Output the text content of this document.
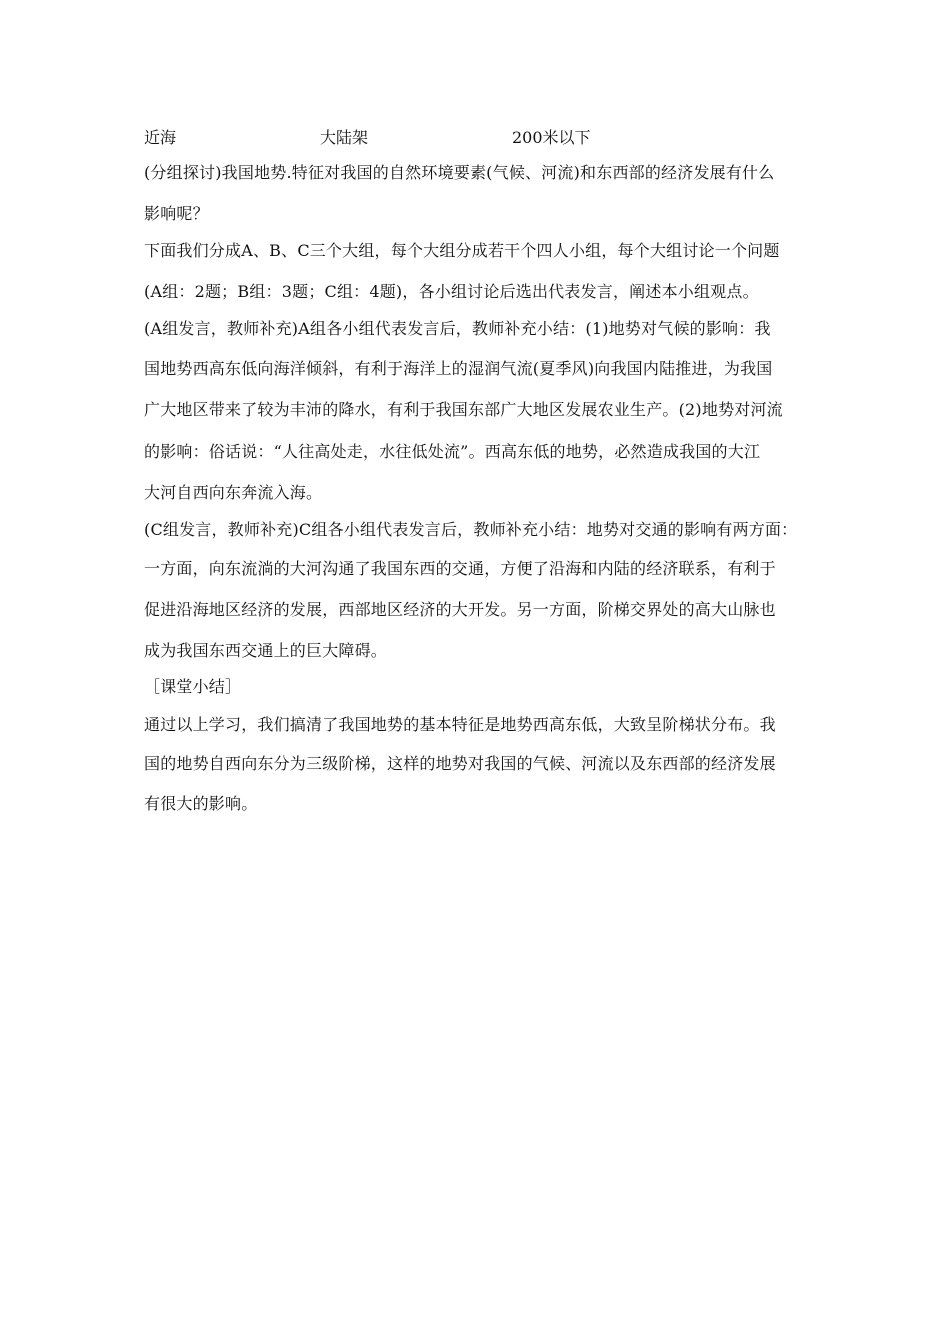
近海	大陆架	200米以下
(分组探讨)我国地势.特征对我国的自然环境要素(气候、河流)和东西部的经济发展有什么
影响呢？
下面我们分成A、B、C三个大组，每个大组分成若干个四人小组，每个大组讨论一个问题
(A组：2题；B组：3题；C组：4题)，各小组讨论后选出代表发言，阐述本小组观点。
(A组发言，教师补充)A组各小组代表发言后，教师补充小结：(1)地势对气候的影响：我
国地势西高东低向海洋倾斜，有利于海洋上的湿润气流(夏季风)向我国内陆推进，为我国
广大地区带来了较为丰沛的降水，有利于我国东部广大地区发展农业生产。(2)地势对河流
的影响：俗话说：“人往高处走，水往低处流”。西高东低的地势，必然造成我国的大江
大河自西向东奔流入海。
(C组发言，教师补充)C组各小组代表发言后，教师补充小结：地势对交通的影响有两方面：
一方面，向东流淌的大河沟通了我国东西的交通，方便了沿海和内陆的经济联系，有利于
促进沿海地区经济的发展，西部地区经济的大开发。另一方面，阶梯交界处的高大山脉也
成为我国东西交通上的巨大障碍。
［课堂小结］
通过以上学习，我们搞清了我国地势的基本特征是地势西高东低，大致呈阶梯状分布。我
国的地势自西向东分为三级阶梯，这样的地势对我国的气候、河流以及东西部的经济发展
有很大的影响。
